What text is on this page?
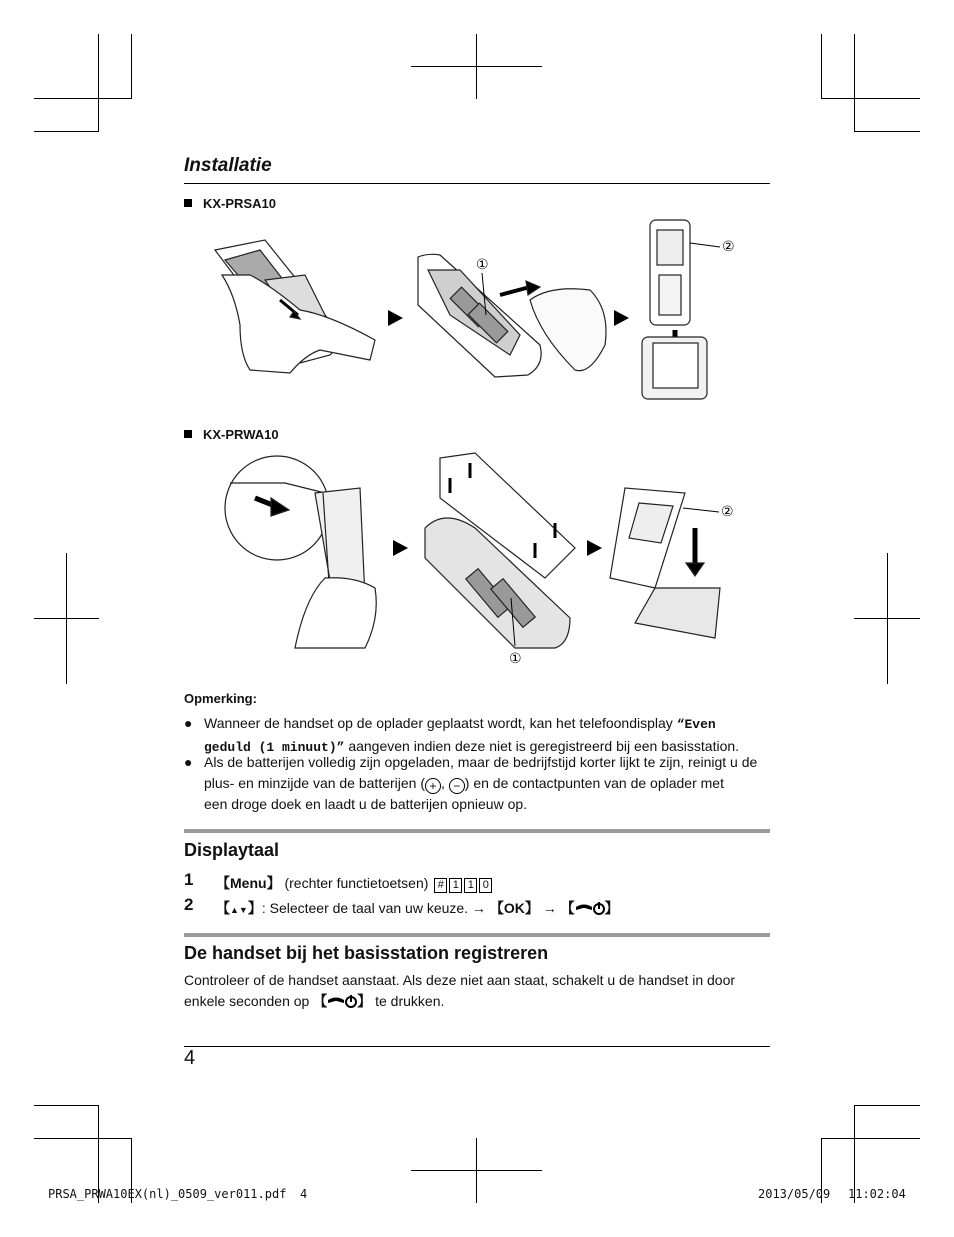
Installatie
KX-PRSA10
①
②
KX-PRWA10
①
②
Opmerking:
● Wanneer de handset op de oplader geplaatst wordt, kan het telefoondisplay “Even
geduld (1 minuut)” aangeven indien deze niet is geregistreerd bij een basisstation.
● Als de batterijen volledig zijn opgeladen, maar de bedrijfstijd korter lijkt te zijn, reinigt u de
plus- en minzijde van de batterijen ( + , − ) en de contactpunten van de oplader met
een droge doek en laadt u de batterijen opnieuw op.
Displaytaal
1 【Menu】 (rechter functietoetsen) # 1 1 0
2 【▲▼】: Selecteer de taal van uw keuze. → 【OK】 → 【 】
De handset bij het basisstation registreren
Controleer of de handset aanstaat. Als deze niet aan staat, schakelt u de handset in door
enkele seconden op 【 】 te drukken.
4
PRSA_PRWA10EX(nl)_0509_ver011.pdf 4	2013/05/09 11:02:04
